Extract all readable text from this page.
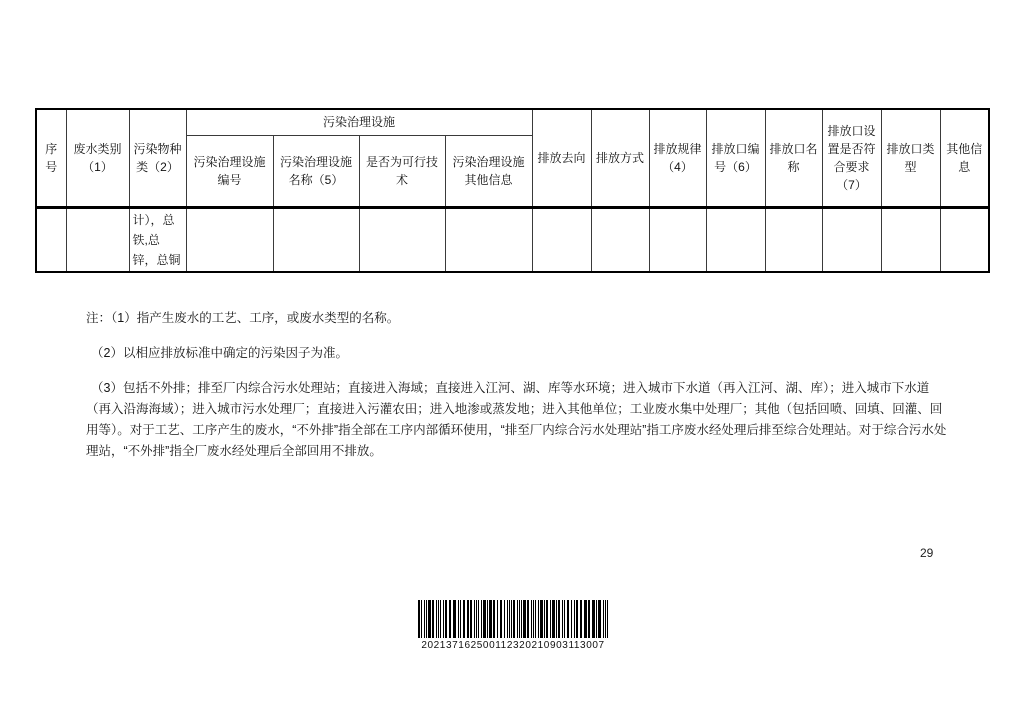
序号	废水类别（1）	污染物种类（2）	污染治理设施				排放去向	排放方式	排放规律（4）	排放口编号（6）	排放口名称	排放口设置是否符合要求（7）	排放口类型	其他信息
			污染治理设施编号	污染治理设施名称（5）	是否为可行技术	污染治理设施其他信息								
		计），总铁,总锌，总铜												

注：（1）指产生废水的工艺、工序，或废水类型的名称。

（2）以相应排放标准中确定的污染因子为准。

（3）包括不外排；排至厂内综合污水处理站；直接进入海域；直接进入江河、湖、库等水环境；进入城市下水道（再入江河、湖、库）；进入城市下水道（再入沿海海域）；进入城市污水处理厂；直接进入污灌农田；进入地渗或蒸发地；进入其他单位；工业废水集中处理厂；其他（包括回喷、回填、回灌、回用等）。对于工艺、工序产生的废水，“不外排”指全部在工序内部循环使用，“排至厂内综合污水处理站”指工序废水经处理后排至综合处理站。对于综合污水处理站，“不外排”指全厂废水经处理后全部回用不排放。

29
202137162500112320210903113007
